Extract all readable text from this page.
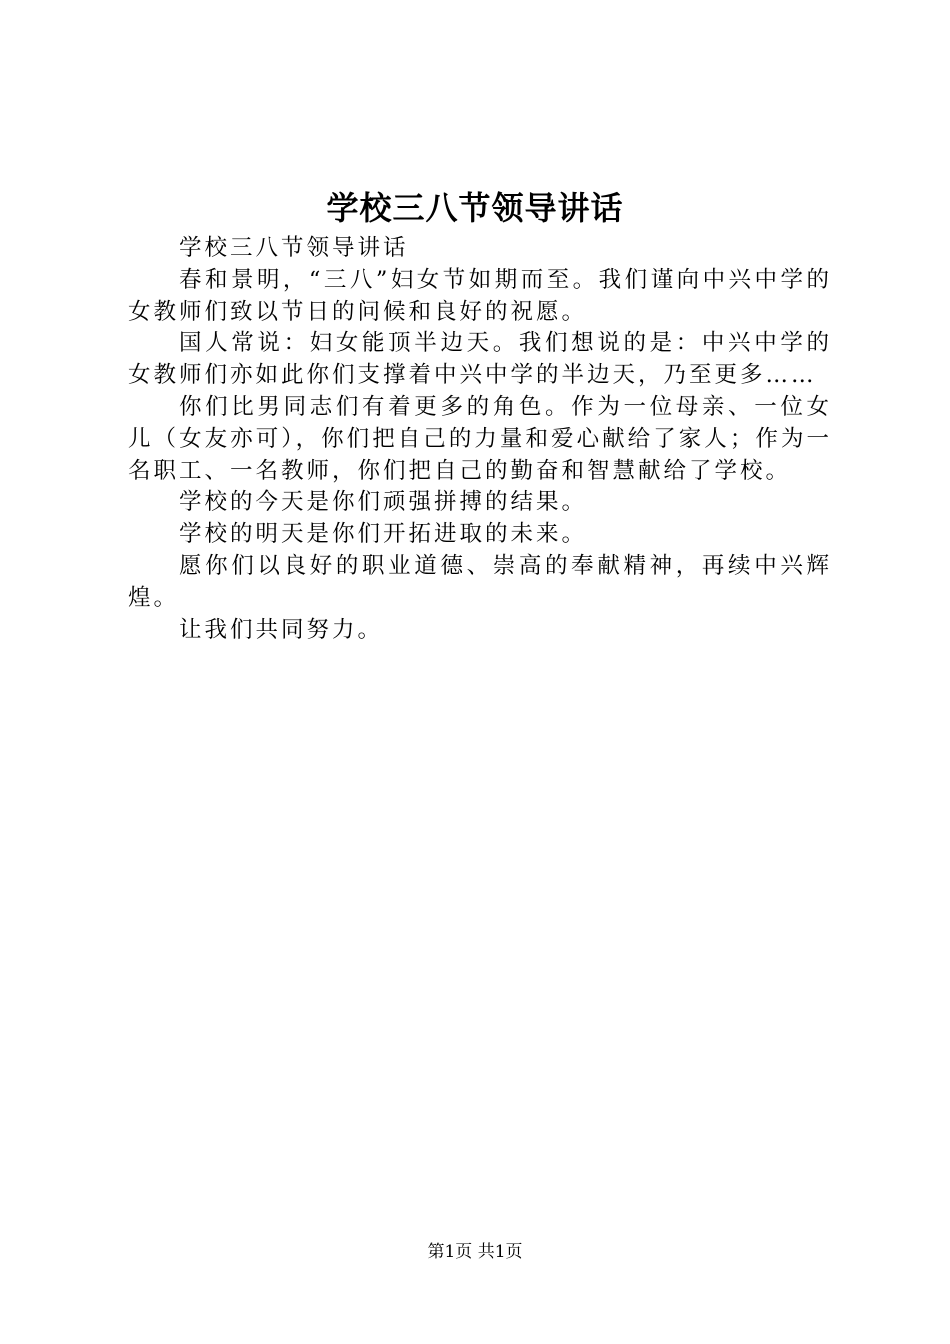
学校三八节领导讲话

学校三八节领导讲话

春和景明，“三八”妇女节如期而至。我们谨向中兴中学的女教师们致以节日的问候和良好的祝愿。

国人常说：妇女能顶半边天。我们想说的是：中兴中学的女教师们亦如此你们支撑着中兴中学的半边天，乃至更多……

你们比男同志们有着更多的角色。作为一位母亲、一位女儿（女友亦可），你们把自己的力量和爱心献给了家人；作为一名职工、一名教师，你们把自己的勤奋和智慧献给了学校。

学校的今天是你们顽强拼搏的结果。

学校的明天是你们开拓进取的未来。

愿你们以良好的职业道德、崇高的奉献精神，再续中兴辉煌。

让我们共同努力。

第1页 共1页
